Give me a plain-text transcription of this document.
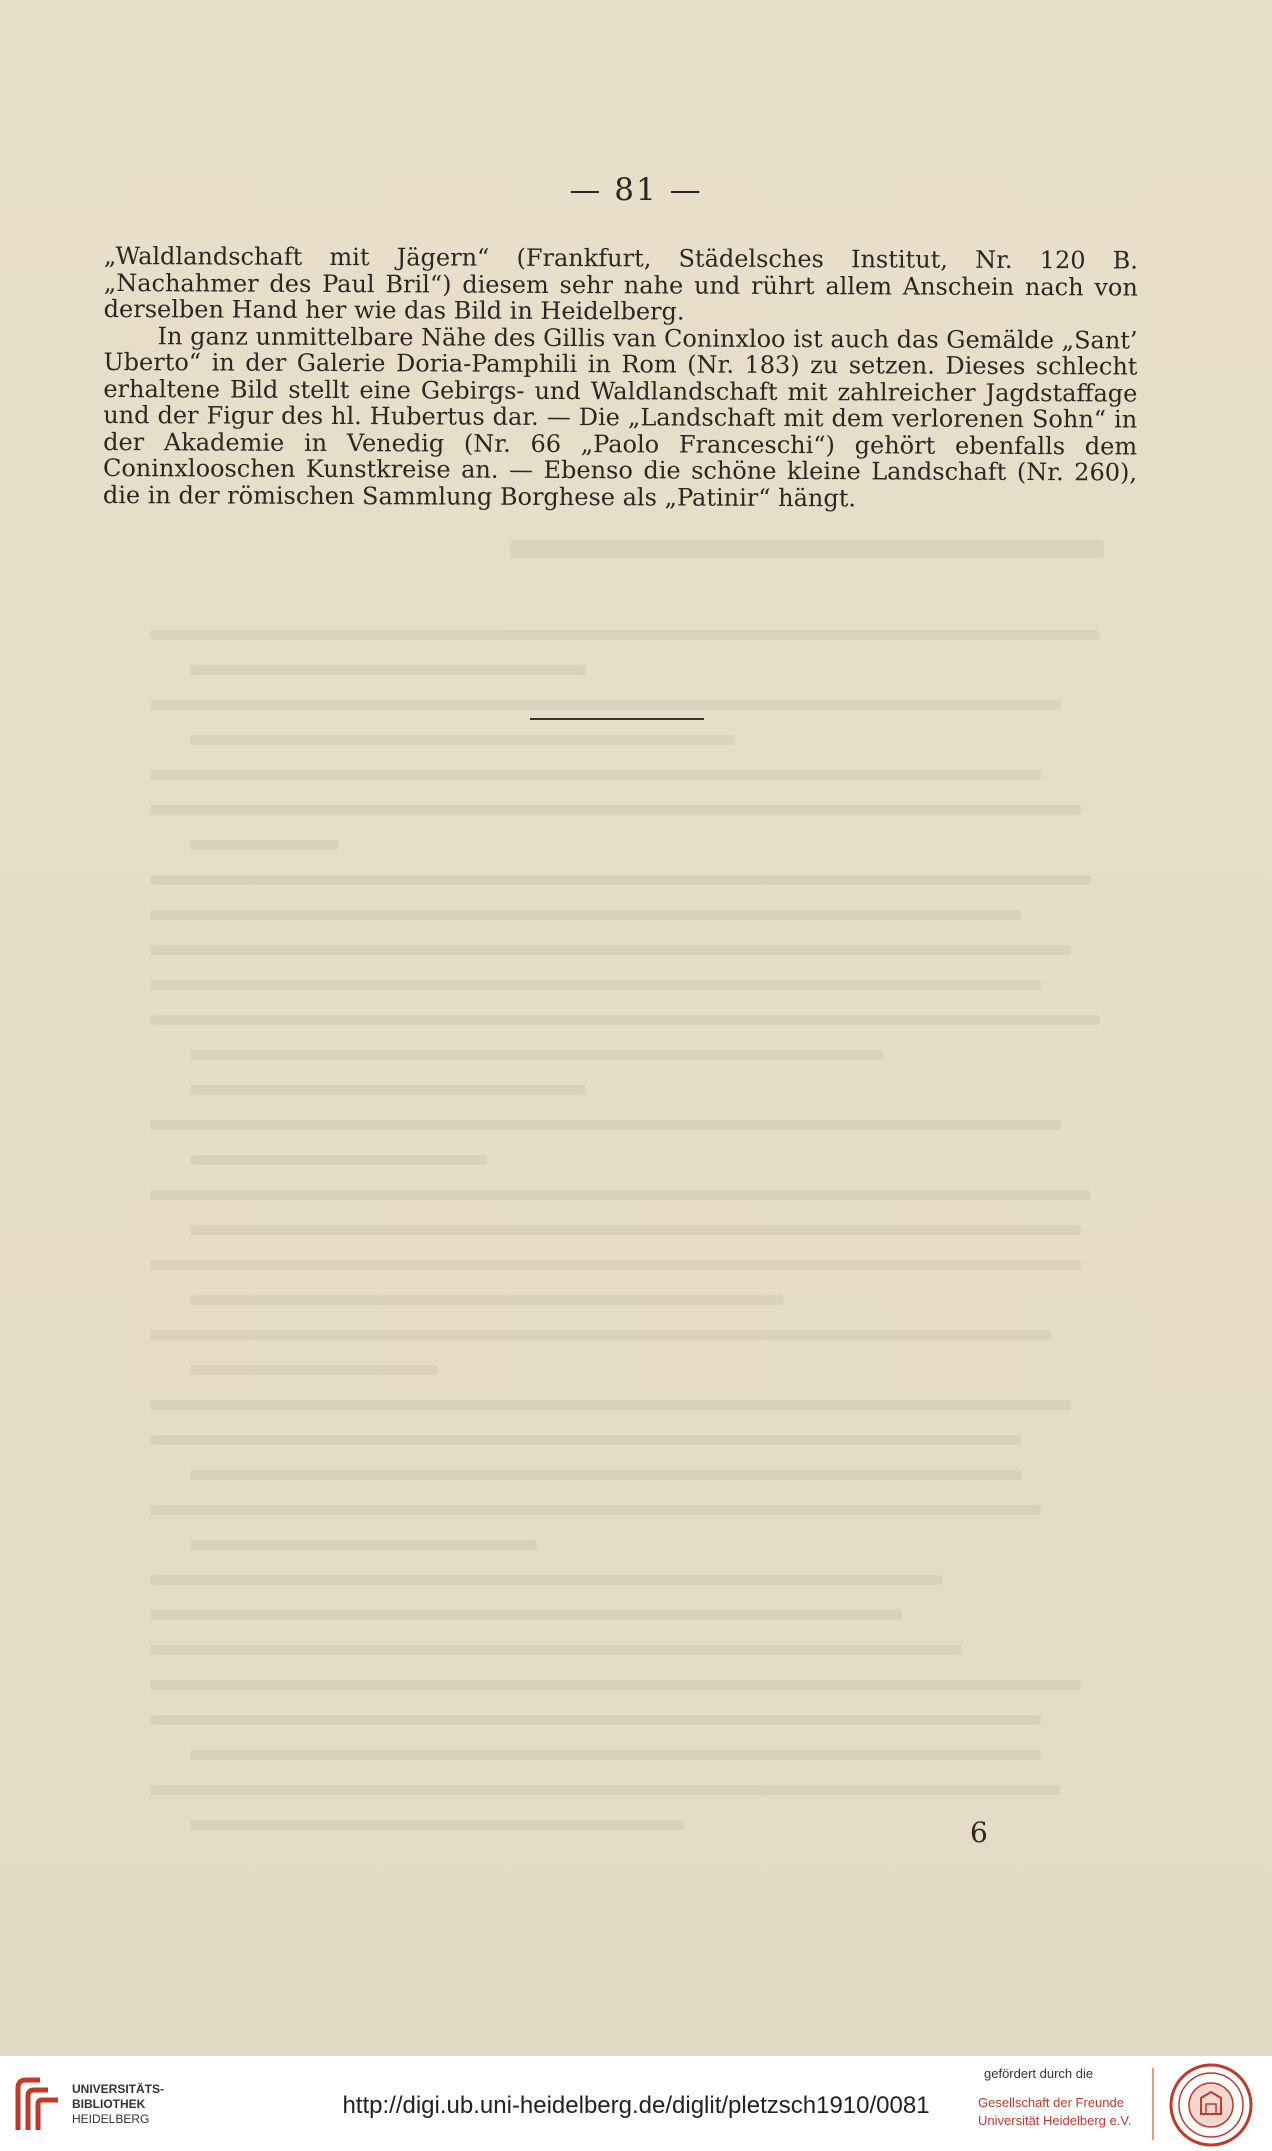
— 81 —

„Waldlandschaft mit Jägern“ (Frankfurt, Städelsches Institut, Nr. 120 B. „Nachahmer des Paul Bril“) diesem sehr nahe und rührt allem Anschein nach von derselben Hand her wie das Bild in Heidelberg.

In ganz unmittelbare Nähe des Gillis van Coninxloo ist auch das Gemälde „Sant’ Uberto“ in der Galerie Doria-Pamphili in Rom (Nr. 183) zu setzen. Dieses schlecht erhaltene Bild stellt eine Gebirgs- und Waldlandschaft mit zahlreicher Jagdstaffage und der Figur des hl. Hubertus dar. — Die „Landschaft mit dem verlorenen Sohn“ in der Akademie in Venedig (Nr. 66 „Paolo Franceschi“) gehört ebenfalls dem Coninxlooschen Kunstkreise an. — Ebenso die schöne kleine Landschaft (Nr. 260), die in der römischen Sammlung Borghese als „Patinir“ hängt.

6
UNIVERSITÄTS-
BIBLIOTHEK
HEIDELBERG	http://digi.ub.uni-heidelberg.de/diglit/pletzsch1910/0081
gefördert durch die
Gesellschaft der Freunde
Universität Heidelberg e.V.
